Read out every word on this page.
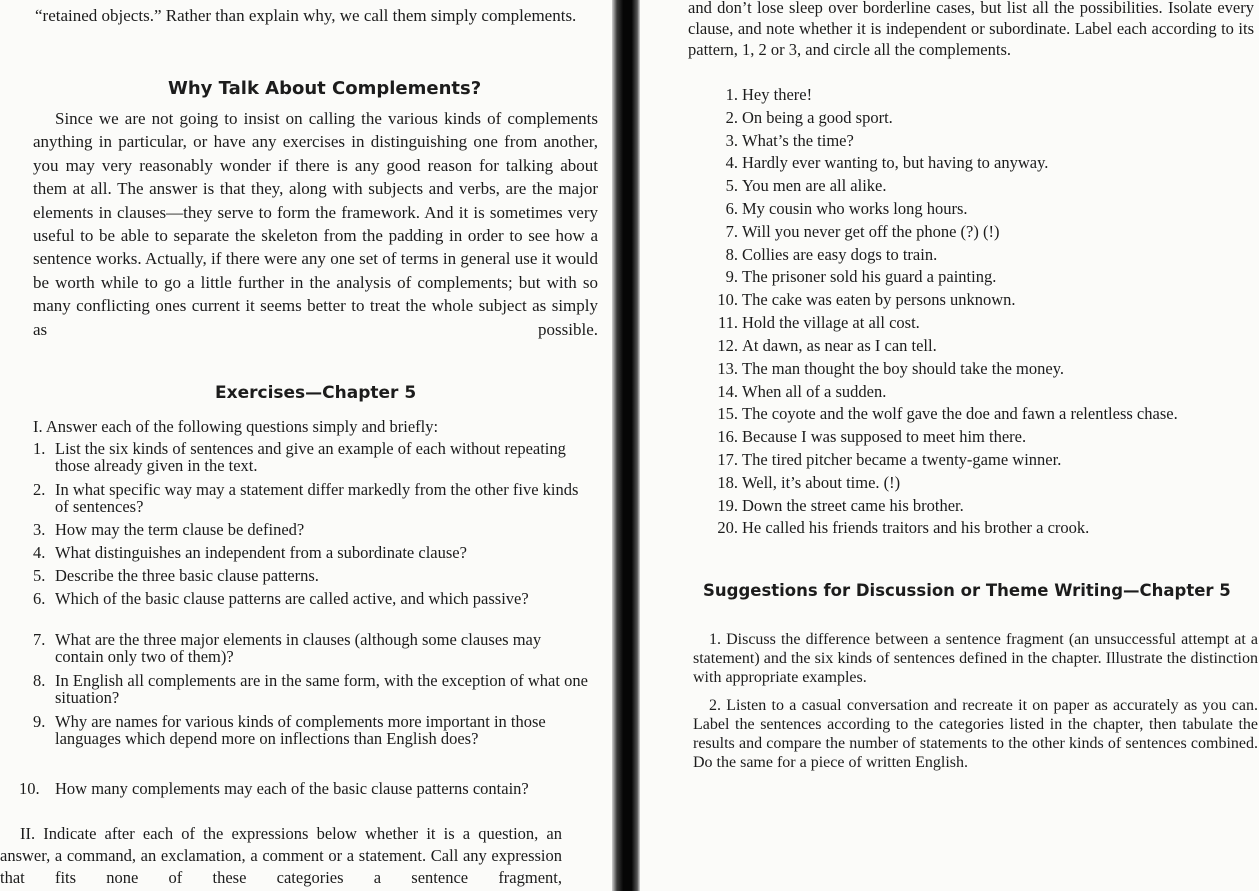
“retained objects.” Rather than explain why, we call them simply complements.

Why Talk About Complements?

Since we are not going to insist on calling the various kinds of complements anything in particular, or have any exercises in distinguishing one from another, you may very reasonably wonder if there is any good reason for talking about them at all. The answer is that they, along with subjects and verbs, are the major elements in clauses—they serve to form the framework. And it is sometimes very useful to be able to separate the skeleton from the padding in order to see how a sentence works. Actually, if there were any one set of terms in general use it would be worth while to go a little further in the analysis of complements; but with so many conflicting ones current it seems better to treat the whole subject as simply as possible.

Exercises—Chapter 5

I. Answer each of the following questions simply and briefly:

1. List the six kinds of sentences and give an example of each without repeating those already given in the text.

2. In what specific way may a statement differ markedly from the other five kinds of sentences?

3. How may the term clause be defined?

4. What distinguishes an independent from a subordinate clause?

5. Describe the three basic clause patterns.

6. Which of the basic clause patterns are called active, and which passive?

7. What are the three major elements in clauses (although some clauses may contain only two of them)?

8. In English all complements are in the same form, with the exception of what one situation?

9. Why are names for various kinds of complements more important in those languages which depend more on inflections than English does?

10. How many complements may each of the basic clause patterns contain?

II. Indicate after each of the expressions below whether it is a question, an answer, a command, an exclamation, a comment or a statement. Call any expression that fits none of these categories a sentence fragment,

and don’t lose sleep over borderline cases, but list all the possibilities. Isolate every clause, and note whether it is independent or subordinate. Label each according to its pattern, 1, 2 or 3, and circle all the complements.

1. Hey there!

2. On being a good sport.

3. What’s the time?

4. Hardly ever wanting to, but having to anyway.

5. You men are all alike.

6. My cousin who works long hours.

7. Will you never get off the phone (?) (!)

8. Collies are easy dogs to train.

9. The prisoner sold his guard a painting.

10. The cake was eaten by persons unknown.

11. Hold the village at all cost.

12. At dawn, as near as I can tell.

13. The man thought the boy should take the money.

14. When all of a sudden.

15. The coyote and the wolf gave the doe and fawn a relentless chase.

16. Because I was supposed to meet him there.

17. The tired pitcher became a twenty-game winner.

18. Well, it’s about time. (!)

19. Down the street came his brother.

20. He called his friends traitors and his brother a crook.

Suggestions for Discussion or Theme Writing—Chapter 5

1. Discuss the difference between a sentence fragment (an unsuccessful attempt at a statement) and the six kinds of sentences defined in the chapter. Illustrate the distinction with appropriate examples.

2. Listen to a casual conversation and recreate it on paper as accurately as you can. Label the sentences according to the categories listed in the chapter, then tabulate the results and compare the number of statements to the other kinds of sentences combined. Do the same for a piece of written English.
